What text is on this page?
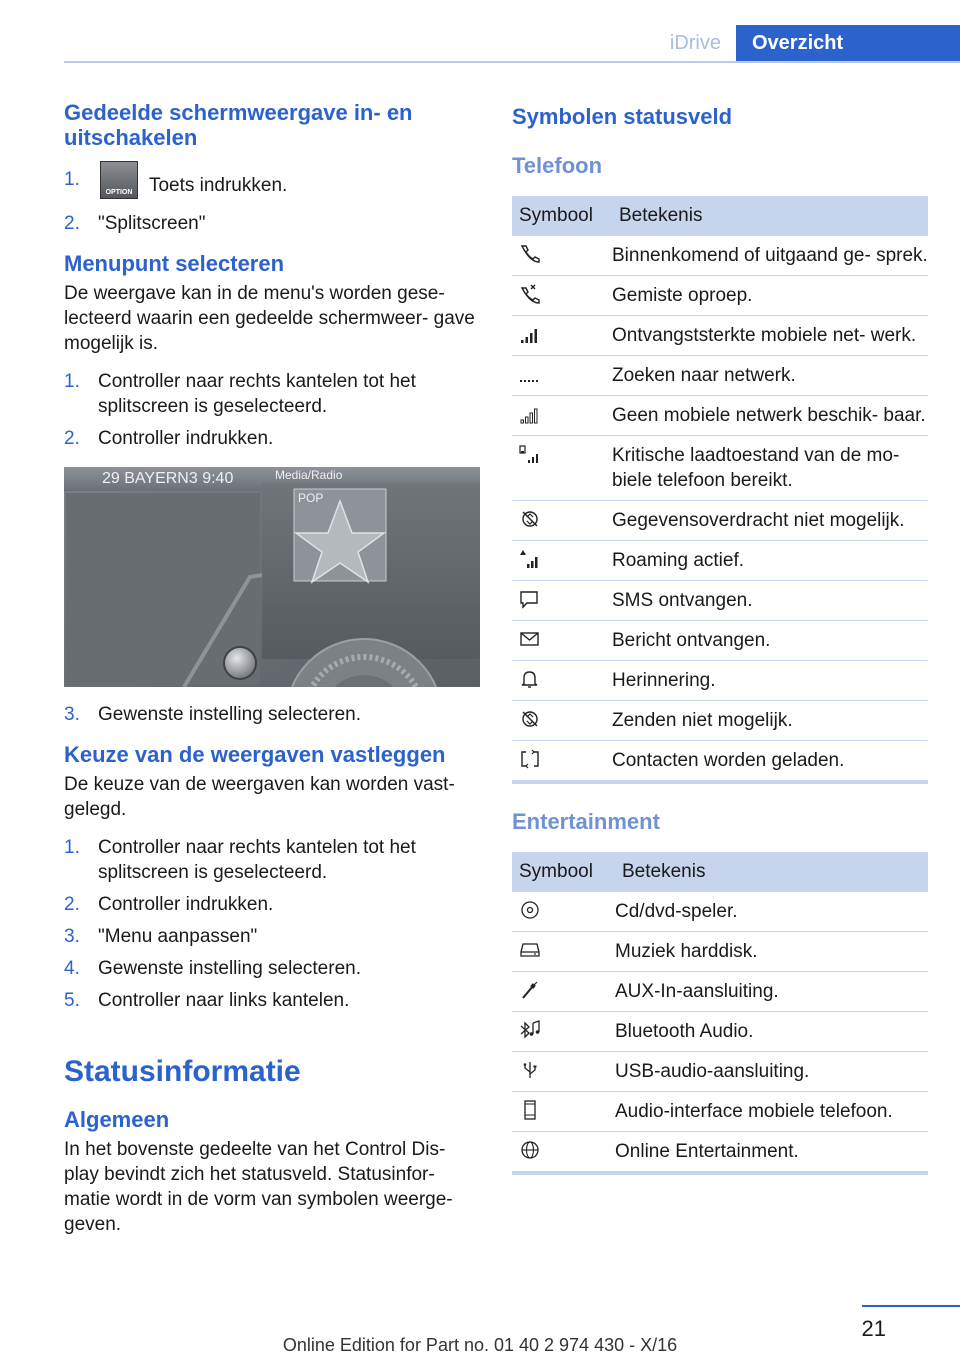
iDrive Overzicht
Gedeelde schermweergave in- en uitschakelen
1.
OPTION Toets indrukken.
2. "Splitscreen"
Menupunt selecteren

De weergave kan in de menu's worden gese- lecteerd waarin een gedeelde schermweer- gave mogelijk is.

1. Controller naar rechts kantelen tot het splitscreen is geselecteerd.
2. Controller indrukken.
29 BAYERN3 9:40	Media/Radio
POP
3. Gewenste instelling selecteren.
Keuze van de weergaven vastleggen

De keuze van de weergaven kan worden vast- gelegd.

1. Controller naar rechts kantelen tot het splitscreen is geselecteerd.
2. Controller indrukken.
3. "Menu aanpassen"
4. Gewenste instelling selecteren.
5. Controller naar links kantelen.
Statusinformatie
Algemeen

In het bovenste gedeelte van het Control Dis- play bevindt zich het statusveld. Statusinfor- matie wordt in de vorm van symbolen weerge- geven.

Symbolen statusveld
Telefoon
Symbool	Betekenis
	Binnenkomend of uitgaand ge- sprek.
	Gemiste oproep.
	Ontvangststerkte mobiele net- werk.
	Zoeken naar netwerk.
	Geen mobiele netwerk beschik- baar.
	Kritische laadtoestand van de mo- biele telefoon bereikt.
	Gegevensoverdracht niet mogelijk.
	Roaming actief.
	SMS ontvangen.
	Bericht ontvangen.
	Herinnering.
	Zenden niet mogelijk.
	Contacten worden geladen.
Entertainment
Symbool	Betekenis
	Cd/dvd-speler.
	Muziek harddisk.
	AUX-In-aansluiting.
	Bluetooth Audio.
	USB-audio-aansluiting.
	Audio-interface mobiele telefoon.
	Online Entertainment.
21
Online Edition for Part no. 01 40 2 974 430 - X/16
